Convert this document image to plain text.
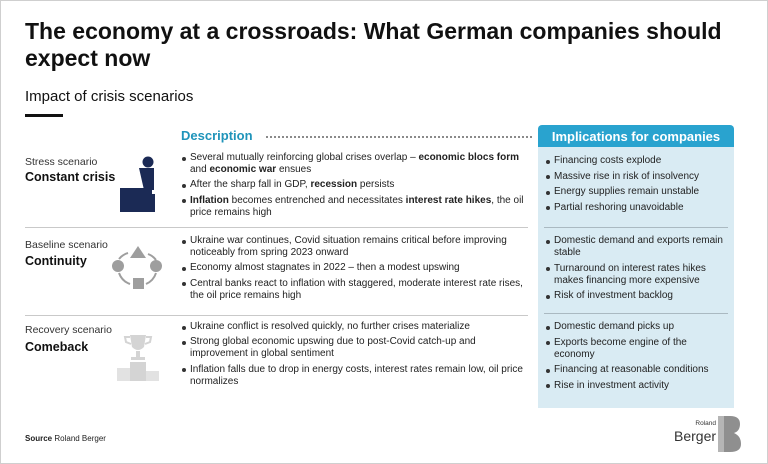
The economy at a crossroads: What German companies should expect now
Impact of crisis scenarios
Description	Implications for companies
Stress scenario
Constant crisis
Several mutually reinforcing global crises overlap – economic blocs form and economic war ensues
After the sharp fall in GDP, recession persists
Inflation becomes entrenched and necessitates interest rate hikes, the oil price remains high
Baseline scenario
Continuity
Ukraine war continues, Covid situation remains critical before improving noticeably from spring 2023 onward
Economy almost stagnates in 2022 – then a modest upswing
Central banks react to inflation with staggered, moderate interest rate rises, the oil price remains high
Recovery scenario
Comeback
Ukraine conflict is resolved quickly, no further crises materialize
Strong global economic upswing due to post-Covid catch-up and improvement in global sentiment
Inflation falls due to drop in energy costs, interest rates remain low, oil price normalizes
Financing costs explode
Massive rise in risk of insolvency
Energy supplies remain unstable
Partial reshoring unavoidable
Domestic demand and exports remain stable
Turnaround on interest rates hikes makes financing more expensive
Risk of investment backlog
Domestic demand picks up
Exports become engine of the economy
Financing at reasonable conditions
Rise in investment activity
Source Roland Berger
Roland
Berger
